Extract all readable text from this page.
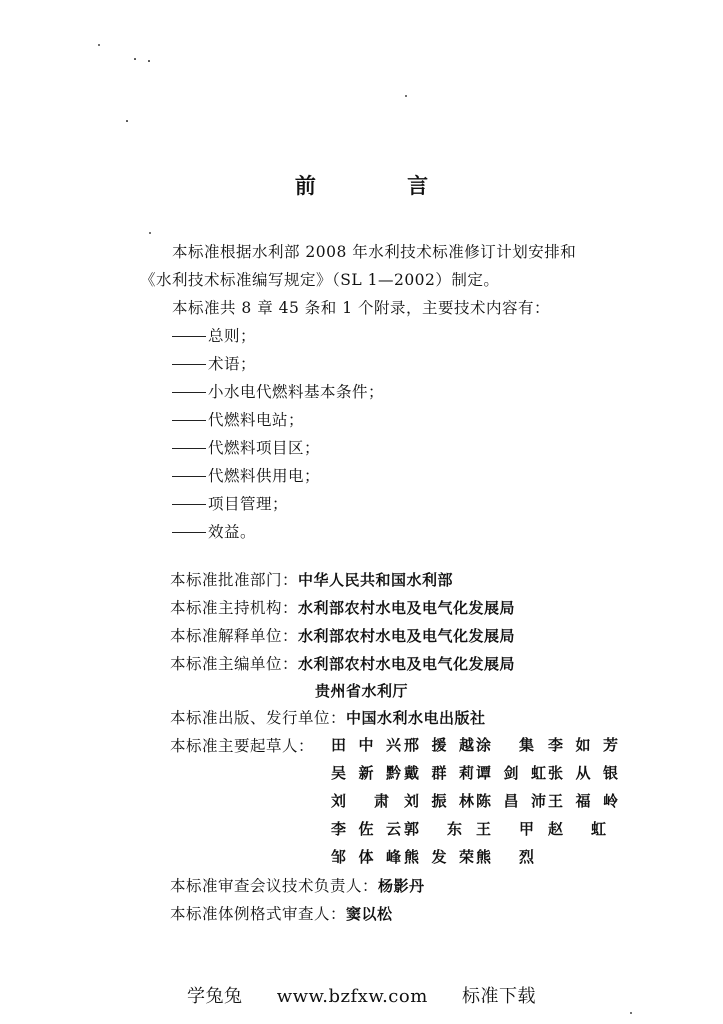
前 言
本标准根据水利部 2008 年水利技术标准修订计划安排和
《水利技术标准编写规定》（SL 1—2002）制定。
本标准共 8 章 45 条和 1 个附录，主要技术内容有：
总则；
术语；
小水电代燃料基本条件；
代燃料电站；
代燃料项目区；
代燃料供用电；
项目管理；
效益。
本标准批准部门：中华人民共和国水利部
本标准主持机构：水利部农村水电及电气化发展局
本标准解释单位：水利部农村水电及电气化发展局
本标准主编单位：水利部农村水电及电气化发展局
贵州省水利厅
本标准出版、发行单位：中国水利水电出版社
本标准主要起草人： 田中兴 邢援越 涂集 李如芳
吴新黔 戴群莉 谭剑虹 张从银
刘肃 刘振林 陈昌沛 王福岭
李佐云 郭东 王甲 赵虹
邹体峰 熊发荣 熊烈
本标准审查会议技术负责人：杨影丹
本标准体例格式审查人：窦以松
学兔兔 www.bzfxw.com 标准下载
